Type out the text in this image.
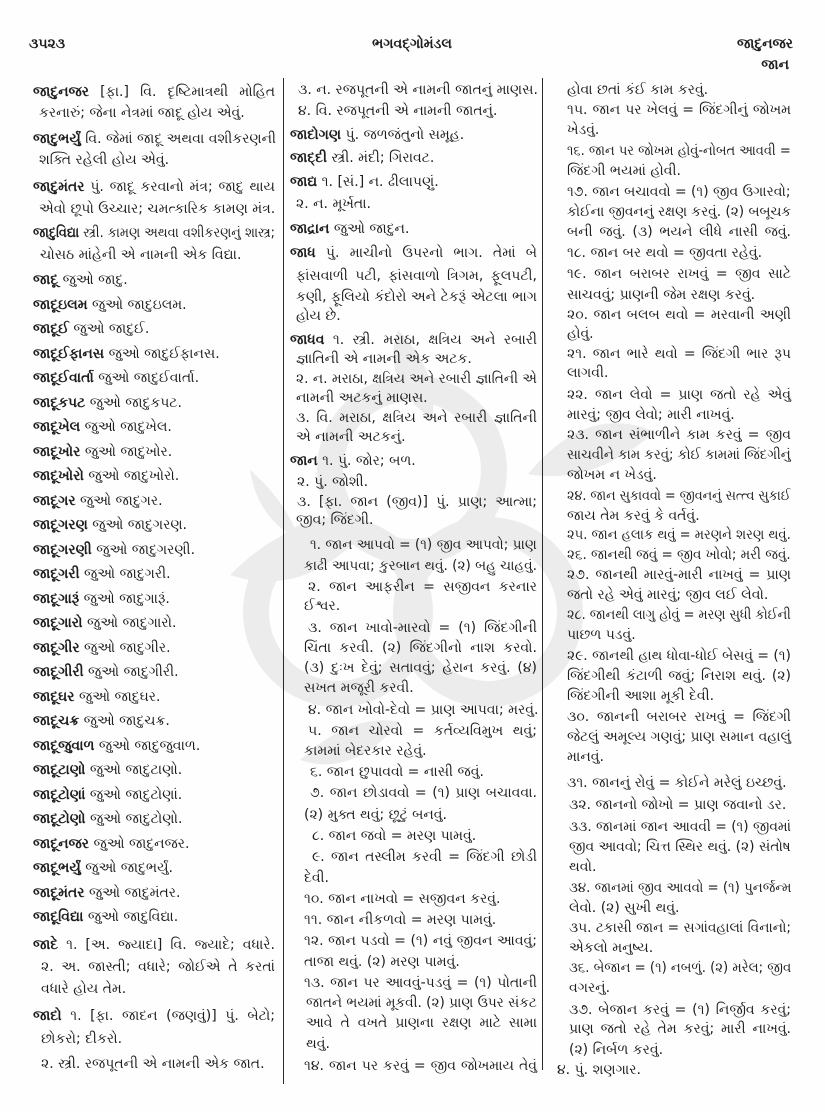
૩૫૨૩	ભગવદ્ગોમંડલ	જાદુનજર
જાન
જાદુનજર [ફા.] વિ. દૃષ્ટિમાત્રથી મોહિત
કરનારું; જેના નેત્રમાં જાદૂ હોય એવું.
જાદુભર્યું વિ. જેમાં જાદૂ અથવા વશીકરણની
શક્તિ રહેલી હોય એવું.
જાદુમંતર પું. જાદૂ કરવાનો મંત્ર; જાદુ થાય
એવો છૂપો ઉચ્ચાર; ચમત્કારિક કામણ મંત્ર.
જાદુવિદ્યા સ્ત્રી. કામણ અથવા વશીકરણનું શાસ્ત્ર;
ચોસઠ માંહેની એ નામની એક વિદ્યા.
જાદૂ જુઓ જાદુ.
જાદૂઇલમ જુઓ જાદુઇલમ.
જાદૂઈ જુઓ જાદુઈ.
જાદૂઈફાનસ જુઓ જાદુઈફાનસ.
જાદૂઈવાર્તા જુઓ જાદુઈવાર્તા.
જાદૂકપટ જુઓ જાદુકપટ.
જાદૂખેલ જુઓ જાદુખેલ.
જાદૂખોર જુઓ જાદુખોર.
જાદૂખોરો જુઓ જાદુખોરો.
જાદૂગર જુઓ જાદુગર.
જાદૂગરણ જુઓ જાદુગરણ.
જાદૂગરણી જુઓ જાદુગરણી.
જાદૂગરી જુઓ જાદુગરી.
જાદૂગારૂં જુઓ જાદુગારૂં.
જાદૂગારો જુઓ જાદુગારો.
જાદૂગીર જુઓ જાદુગીર.
જાદૂગીરી જુઓ જાદુગીરી.
જાદૂઘર જુઓ જાદુઘર.
જાદૂચક્ર જુઓ જાદુચક્ર.
જાદૂજુવાળ જુઓ જાદુજુવાળ.
જાદૂટાણો જુઓ જાદુટાણો.
જાદૂટોણાં જુઓ જાદુટોણાં.
જાદૂટોણો જુઓ જાદુટોણો.
જાદૂનજર જુઓ જાદુનજર.
જાદૂભર્યું જુઓ જાદુભર્યું.
જાદૂમંતર જુઓ જાદુમંતર.
જાદૂવિદ્યા જુઓ જાદુવિદ્યા.
જાદે ૧. [અ. જ્યાદા] વિ. જ્યાદે; વધારે.
૨. અ. જાસ્તી; વધારે; જોઈએ તે કરતાં
વધારે હોય તેમ.
જાદો ૧. [ફા. જાદન (જણવું)] પું. બેટો;
છોકરો; દીકરો.
૨. સ્ત્રી. રજપૂતની એ નામની એક જાત.
૩. ન. રજપૂતની એ નામની જાતનું માણસ.
૪. વિ. રજપૂતની એ નામની જાતનું.
જાદોગણ પું. જળજંતુનો સમૂહ.
જાદ્દી સ્ત્રી. મંદી; ગિરાવટ.
જાદ્ય ૧. [સં.] ન. ઢીલાપણું.
૨. ન. મૂર્ખતા.
જાદ્રાન જુઓ જાદુન.
જાધ પું. માચીનો ઉપરનો ભાગ. તેમાં બે
ફાંસવાળી પટી, ફાંસવાળો ત્રિગમ, ફૂલપટી,
કણી, ફૂલિયો કંદોરો અને ટેકરૂં એટલા ભાગ
હોય છે.
જાધવ ૧. સ્ત્રી. મરાઠા, ક્ષત્રિય અને રબારી
જ્ઞાતિની એ નામની એક અટક.
૨. ન. મરાઠા, ક્ષત્રિય અને રબારી જ્ઞાતિની એ
નામની અટકનું માણસ.
૩. વિ. મરાઠા, ક્ષત્રિય અને રબારી જ્ઞાતિની
એ નામની અટકનું.
જાન ૧. પું. જોર; બળ.
૨. પું. જોશી.
૩. [ફા. જાન (જીવ)] પું. પ્રાણ; આત્મા;
જીવ; જિંદગી.
૧. જાન આપવો = (૧) જીવ આપવો; પ્રાણ
કાઢી આપવા; કુરબાન થવું. (૨) બહુ ચાહવું.
૨. જાન આફરીન = સજીવન કરનાર
ઈશ્વર.
૩. જાન ખાવો-મારવો = (૧) જિંદગીની
ચિંતા કરવી. (૨) જિંદગીનો નાશ કરવો.
(૩) દુઃખ દેવું; સતાવવું; હેરાન કરવું. (૪)
સખત મજૂરી કરવી.
૪. જાન ખોવો-દેવો = પ્રાણ આપવા; મરવું.
૫. જાન ચોરવો = કર્તવ્યવિમુખ થવું;
કામમાં બેદરકાર રહેવું.
૬. જાન છુપાવવો = નાસી જવું.
૭. જાન છોડાવવો = (૧) પ્રાણ બચાવવા.
(૨) મુક્ત થવું; છૂટું બનવું.
૮. જાન જવો = મરણ પામવું.
૯. જાન તસ્લીમ કરવી = જિંદગી છોડી
દેવી.
૧૦. જાન નાખવો = સજીવન કરવું.
૧૧. જાન નીકળવો = મરણ પામવું.
૧૨. જાન પડવો = (૧) નવું જીવન આવવું;
તાજા થવું. (૨) મરણ પામવું.
૧૩. જાન પર આવવું-પડવું = (૧) પોતાની
જાતને ભયમાં મૂકવી. (૨) પ્રાણ ઉપર સંકટ
આવે તે વખતે પ્રાણના રક્ષણ માટે સામા
થવું.
૧૪. જાન પર કરવું = જીવ જોખમાય તેવું
હોવા છતાં કંઈ કામ કરવું.
૧૫. જાન પર ખેલવું = જિંદગીનું જોખમ
ખેડવું.
૧૬. જાન પર જોખમ હોવું-નોબત આવવી =
જિંદગી ભયમાં હોવી.
૧૭. જાન બચાવવો = (૧) જીવ ઉગારવો;
કોઈના જીવનનું રક્ષણ કરવું. (૨) બબૂચક
બની જવું. (૩) ભયને લીધે નાસી જવું.
૧૮. જાન બર થવો = જીવતા રહેવું.
૧૯. જાન બરાબર રાખવું = જીવ સાટે
સાચવવું; પ્રાણની જેમ રક્ષણ કરવું.
૨૦. જાન બલબ થવો = મરવાની અણી
હોવું.
૨૧. જાન ભારે થવો = જિંદગી ભાર રૂપ
લાગવી.
૨૨. જાન લેવો = પ્રાણ જતો રહે એવું
મારવું; જીવ લેવો; મારી નાખવું.
૨૩. જાન સંભાળીને કામ કરવું = જીવ
સાચવીને કામ કરવું; કોઈ કામમાં જિંદગીનું
જોખમ ન ખેડવું.
૨૪. જાન સુકાવવો = જીવનનું સત્ત્વ સુકાઈ
જાય તેમ કરવું કે વર્તવું.
૨૫. જાન હલાક થવું = મરણને શરણ થવું.
૨૬. જાનથી જવું = જીવ ખોવો; મરી જવું.
૨૭. જાનથી મારવું-મારી નાખવું = પ્રાણ
જતો રહે એવું મારવું; જીવ લઈ લેવો.
૨૮. જાનથી લાગુ હોવું = મરણ સુધી કોઈની
પાછળ પડવું.
૨૯. જાનથી હાથ ધોવા-ધોઈ બેસવું = (૧)
જિંદગીથી કંટાળી જવું; નિરાશ થવું. (૨)
જિંદગીની આશા મૂકી દેવી.
૩૦. જાનની બરાબર રાખવું = જિંદગી
જેટલું અમૂલ્ય ગણવું; પ્રાણ સમાન વહાલું
માનવું.
૩૧. જાનનું રોવું = કોઈને મરેલું ઇચ્છવું.
૩૨. જાનનો જોખો = પ્રાણ જવાનો ડર.
૩૩. જાનમાં જાન આવવી = (૧) જીવમાં
જીવ આવવો; ચિત્ત સ્થિર થવું. (૨) સંતોષ
થવો.
૩૪. જાનમાં જીવ આવવો = (૧) પુનર્જન્મ
લેવો. (૨) સુખી થવું.
૩૫. ટકાસી જાન = સગાંવહાલાં વિનાનો;
એકલો મનુષ્ય.
૩૬. બેજાન = (૧) નબળું. (૨) મરેલ; જીવ
વગરનું.
૩૭. બેજાન કરવું = (૧) નિર્જીવ કરવું;
પ્રાણ જતો રહે તેમ કરવું; મારી નાખવું.
(૨) નિર્બળ કરવું.
૪. પું. શણગાર.
